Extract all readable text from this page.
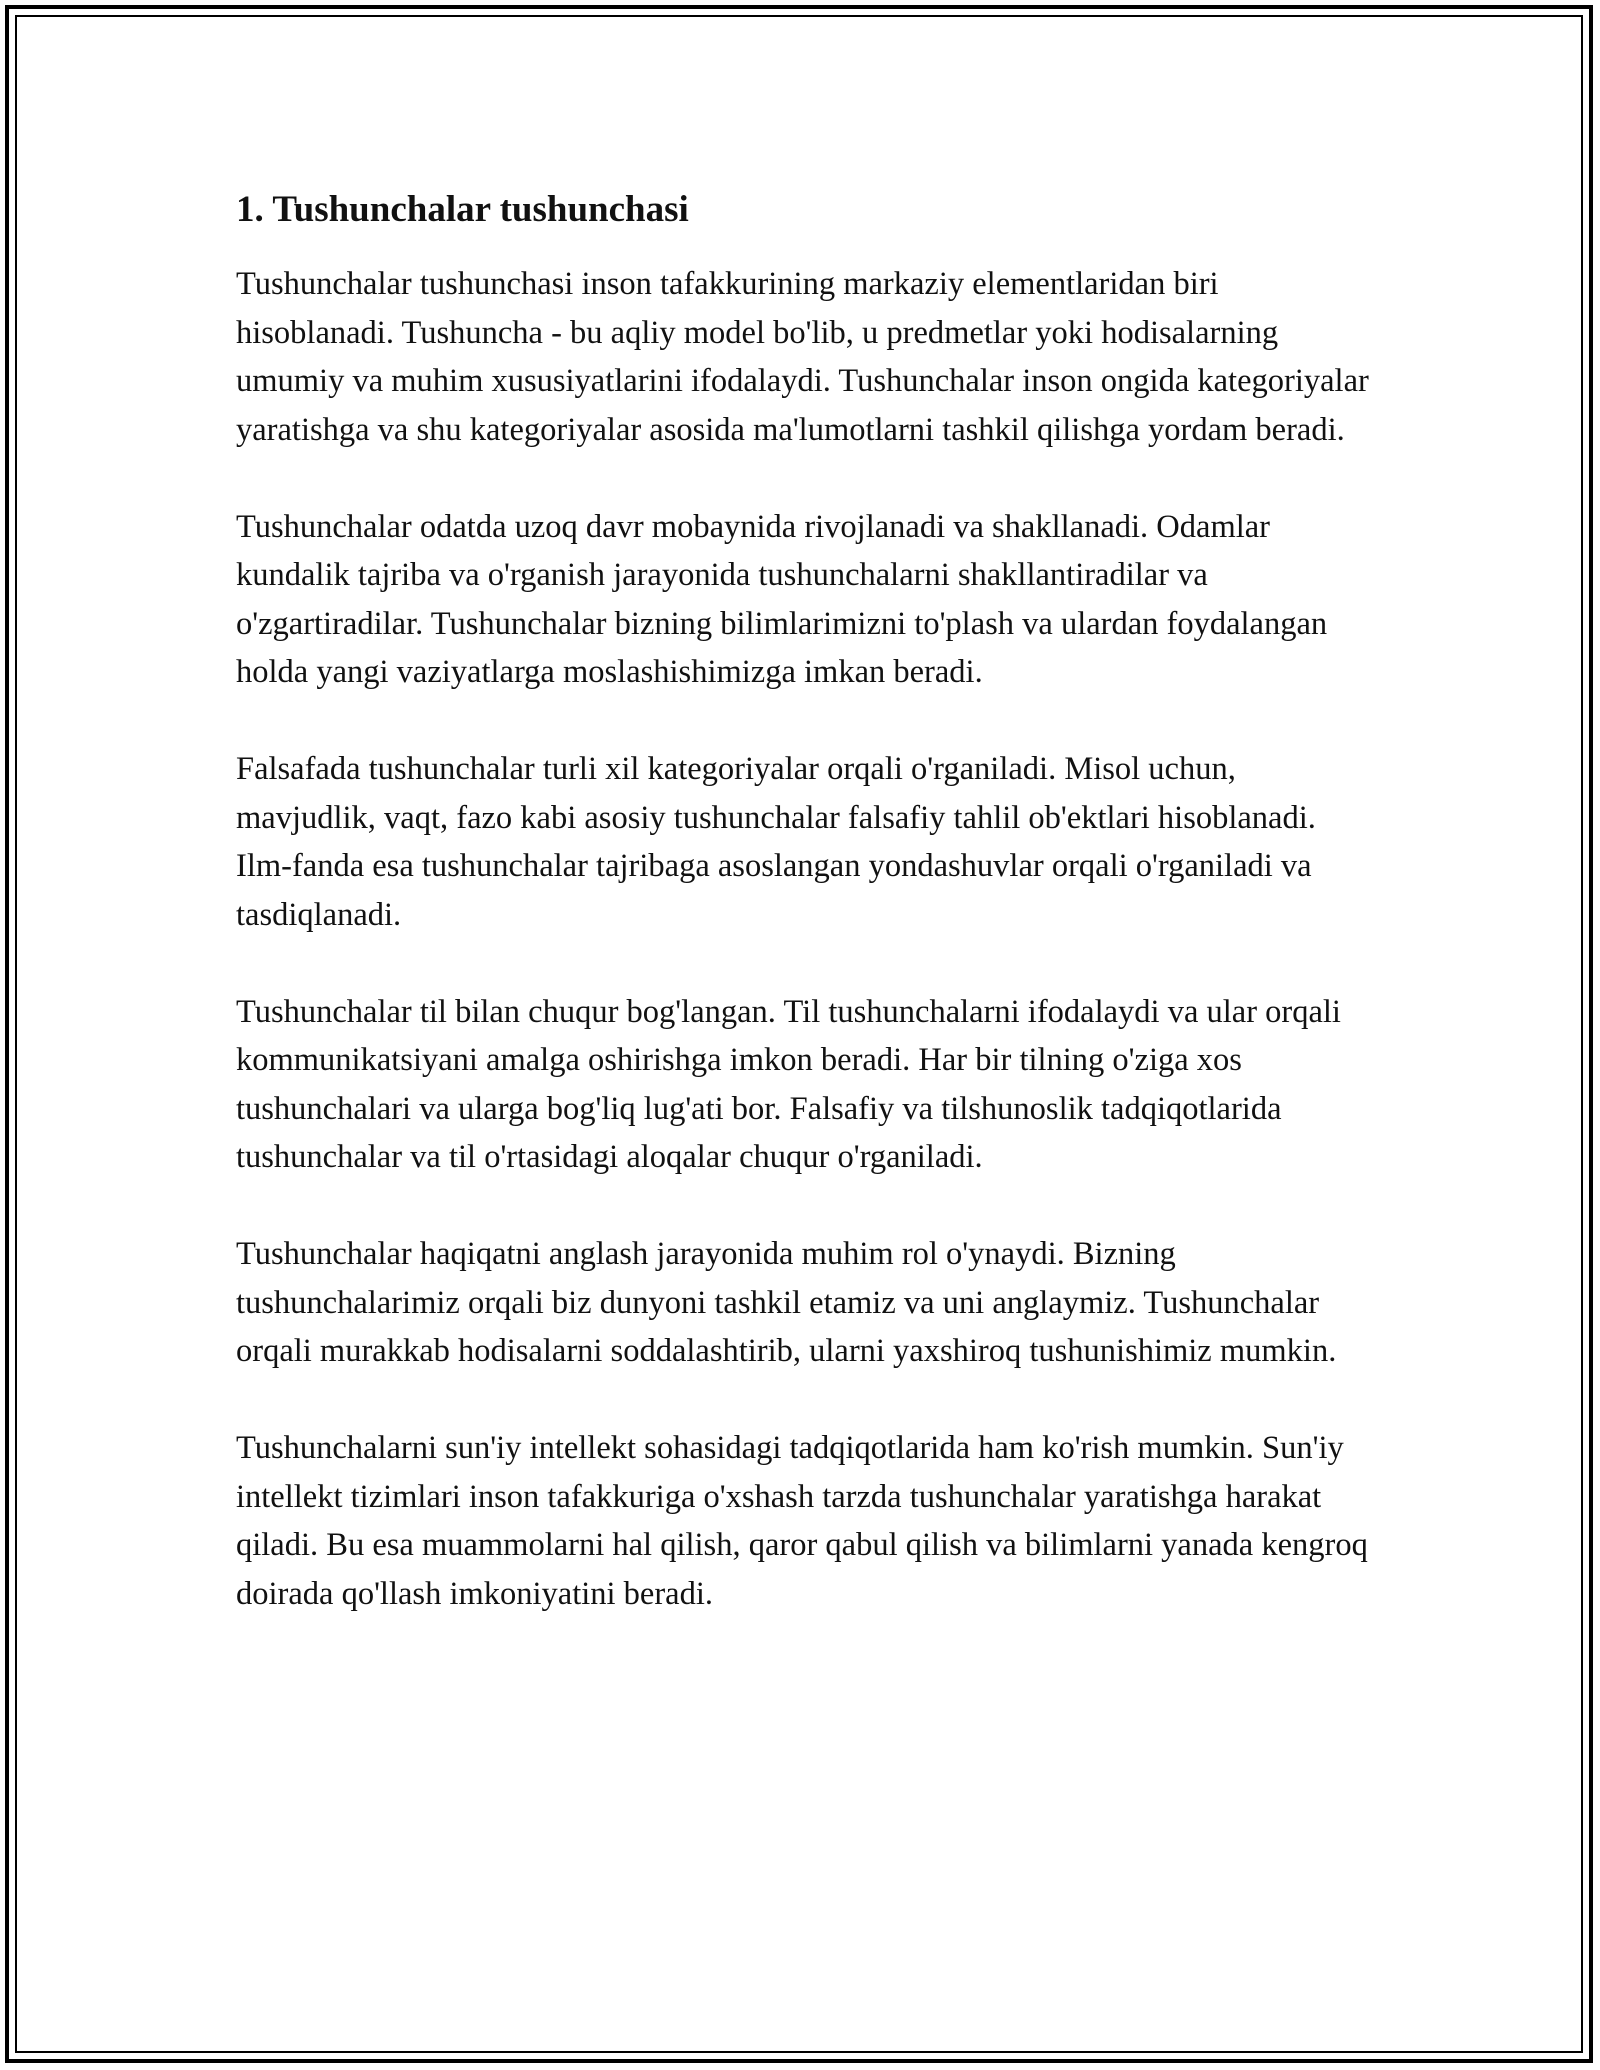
1. Tushunchalar tushunchasi

Tushunchalar tushunchasi inson tafakkurining markaziy elementlaridan biri hisoblanadi. Tushuncha - bu aqliy model bo'lib, u predmetlar yoki hodisalarning umumiy va muhim xususiyatlarini ifodalaydi. Tushunchalar inson ongida kategoriyalar yaratishga va shu kategoriyalar asosida ma'lumotlarni tashkil qilishga yordam beradi.

Tushunchalar odatda uzoq davr mobaynida rivojlanadi va shakllanadi. Odamlar kundalik tajriba va o'rganish jarayonida tushunchalarni shakllantiradilar va o'zgartiradilar. Tushunchalar bizning bilimlarimizni to'plash va ulardan foydalangan holda yangi vaziyatlarga moslashishimizga imkan beradi.

Falsafada tushunchalar turli xil kategoriyalar orqali o'rganiladi. Misol uchun, mavjudlik, vaqt, fazo kabi asosiy tushunchalar falsafiy tahlil ob'ektlari hisoblanadi. Ilm-fanda esa tushunchalar tajribaga asoslangan yondashuvlar orqali o'rganiladi va tasdiqlanadi.

Tushunchalar til bilan chuqur bog'langan. Til tushunchalarni ifodalaydi va ular orqali kommunikatsiyani amalga oshirishga imkon beradi. Har bir tilning o'ziga xos tushunchalari va ularga bog'liq lug'ati bor. Falsafiy va tilshunoslik tadqiqotlarida tushunchalar va til o'rtasidagi aloqalar chuqur o'rganiladi.

Tushunchalar haqiqatni anglash jarayonida muhim rol o'ynaydi. Bizning tushunchalarimiz orqali biz dunyoni tashkil etamiz va uni anglaymiz. Tushunchalar orqali murakkab hodisalarni soddalashtirib, ularni yaxshiroq tushunishimiz mumkin.

Tushunchalarni sun'iy intellekt sohasidagi tadqiqotlarida ham ko'rish mumkin. Sun'iy intellekt tizimlari inson tafakkuriga o'xshash tarzda tushunchalar yaratishga harakat qiladi. Bu esa muammolarni hal qilish, qaror qabul qilish va bilimlarni yanada kengroq doirada qo'llash imkoniyatini beradi.
